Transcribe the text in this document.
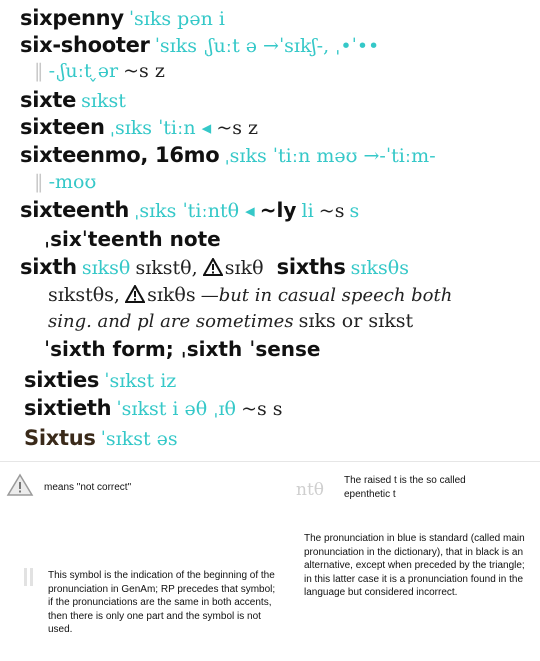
sixpenny ˈsɪks pən i
six-shooter ˈsɪks ˌʃuːt ə →ˈsɪkʃ-, ˌ•ˈ••
‖ -ˌʃuːt ̬ər ~s z
sixte sɪkst
sixteen ˌsɪks ˈtiːn ◂ ~s z
sixteenmo, 16mo ˌsɪks ˈtiːn məʊ →-ˈtiːm-
‖ -moʊ
sixteenth ˌsɪks ˈtiːntθ ◂ ~ly li ~s s
ˌsixˈteenth note
sixth sɪksθ sɪkstθ, sɪkθ sixths sɪksθs
sɪkstθs, sɪkθs —but in casual speech both
sing. and pl are sometimes sɪks or sɪkst
ˈsixth form; ˌsixth ˈsense
sixties ˈsɪkst iz
sixtieth ˈsɪkst i əθ ˌɪθ ~s s
Sixtus ˈsɪkst əs
means "not correct"	ntθ The raised t is the so called epenthetic t
The pronunciation in blue is standard (called main pronunciation in the dictionary), that in black is an alternative, except when preceded by the triangle; in this latter case it is a pronunciation found in the language but considered incorrect.
This symbol is the indication of the beginning of the pronunciation in GenAm; RP precedes that symbol; if the pronunciations are the same in both accents, then there is only one part and the symbol is not used.
